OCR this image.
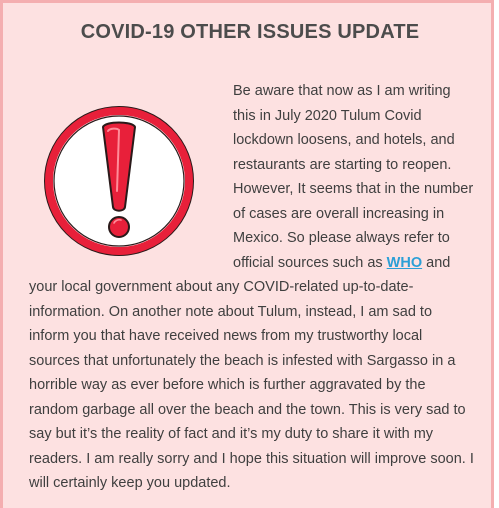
COVID-19 OTHER ISSUES UPDATE

Be aware that now as I am writing this in July 2020 Tulum Covid lockdown loosens, and hotels, and restaurants are starting to reopen. However, It seems that in the number of cases are overall increasing in Mexico. So please always refer to official sources such as WHO and your local government about any COVID-related up-to-date-information. On another note about Tulum, instead, I am sad to inform you that have received news from my trustworthy local sources that unfortunately the beach is infested with Sargasso in a horrible way as ever before which is further aggravated by the random garbage all over the beach and the town. This is very sad to say but it’s the reality of fact and it’s my duty to share it with my readers. I am really sorry and I hope this situation will improve soon. I will certainly keep you updated.
